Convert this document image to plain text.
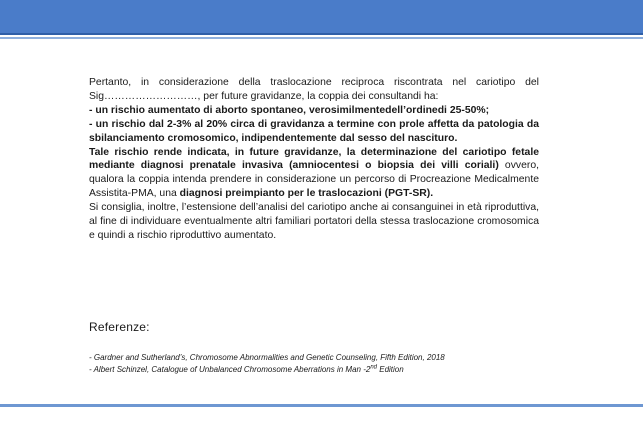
Pertanto, in considerazione della traslocazione reciproca riscontrata nel cariotipo del Sig………………………, per future gravidanze, la coppia dei consultandi ha:

- un rischio aumentato di aborto spontaneo, verosimilmentedell’ordinedi 25-50%;

- un rischio dal 2-3% al 20% circa di gravidanza a termine con prole affetta da patologia da sbilanciamento cromosomico, indipendentemente dal sesso del nascituro.

Tale rischio rende indicata, in future gravidanze, la determinazione del cariotipo fetale mediante diagnosi prenatale invasiva (amniocentesi o biopsia dei villi coriali) ovvero, qualora la coppia intenda prendere in considerazione un percorso di Procreazione Medicalmente Assistita-PMA, una diagnosi preimpianto per le traslocazioni (PGT-SR).

Si consiglia, inoltre, l’estensione dell’analisi del cariotipo anche ai consanguinei in età riproduttiva, al fine di individuare eventualmente altri familiari portatori della stessa traslocazione cromosomica e quindi a rischio riproduttivo aumentato.

Referenze:

- Gardner and Sutherland’s, Chromosome Abnormalities and Genetic Counseling, Fifth Edition, 2018

- Albert Schinzel, Catalogue of Unbalanced Chromosome Aberrations in Man -2nd Edition
